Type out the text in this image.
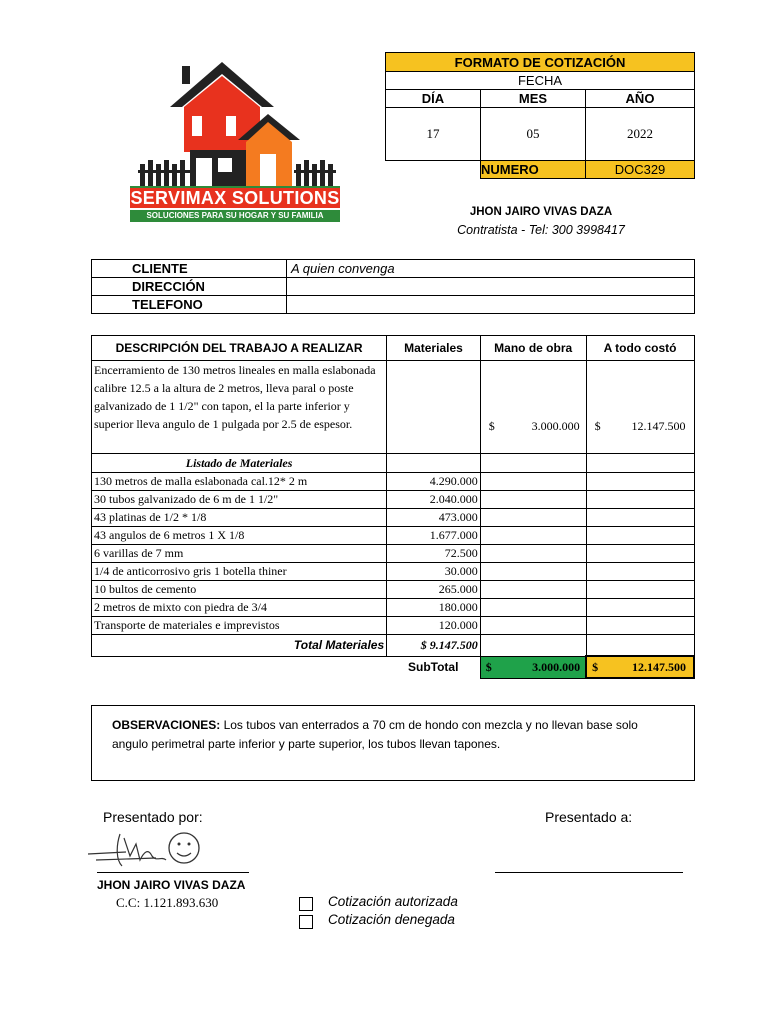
SERVIMAX SOLUTIONS
SOLUCIONES PARA SU HOGAR Y SU FAMILIA
FORMATO DE COTIZACIÓN		
FECHA		
DÍA	MES	AÑO
17	05	2022
	NUMERO	DOC329
JHON JAIRO VIVAS DAZA
Contratista - Tel: 300 3998417
CLIENTE	A quien convenga
DIRECCIÓN	
TELEFONO	
DESCRIPCIÓN DEL TRABAJO A REALIZAR	Materiales	Mano de obra	A todo costó
Encerramiento de 130 metros lineales en malla eslabonada calibre 12.5 a la altura de 2 metros, lleva paral o poste galvanizado de 1 1/2" con tapon, el la parte inferior y superior lleva angulo de 1 pulgada por 2.5 de espesor.		$ 3.000.000	$ 12.147.500

Listado de Materiales			
130 metros de malla eslabonada cal.12* 2 m	4.290.000		
30 tubos galvanizado de 6 m de 1 1/2"	2.040.000		
43 platinas de 1/2 * 1/8	473.000		
43 angulos de 6 metros 1 X 1/8	1.677.000		
6 varillas de 7 mm	72.500		
1/4 de anticorrosivo gris 1 botella thiner	30.000		
10 bultos de cemento	265.000		
2 metros de mixto con piedra de 3/4	180.000		
Transporte de materiales e imprevistos	120.000		
Total Materiales	$ 9.147.500		
	SubTotal	$ 3.000.000	$ 12.147.500

OBSERVACIONES: Los tubos van enterrados a 70 cm de hondo con mezcla y no llevan base solo angulo perimetral parte inferior y parte superior, los tubos llevan tapones.

Presentado por:	Presentado a:
JHON JAIRO VIVAS DAZA
C.C: 1.121.893.630	Cotización autorizada
Cotización denegada
